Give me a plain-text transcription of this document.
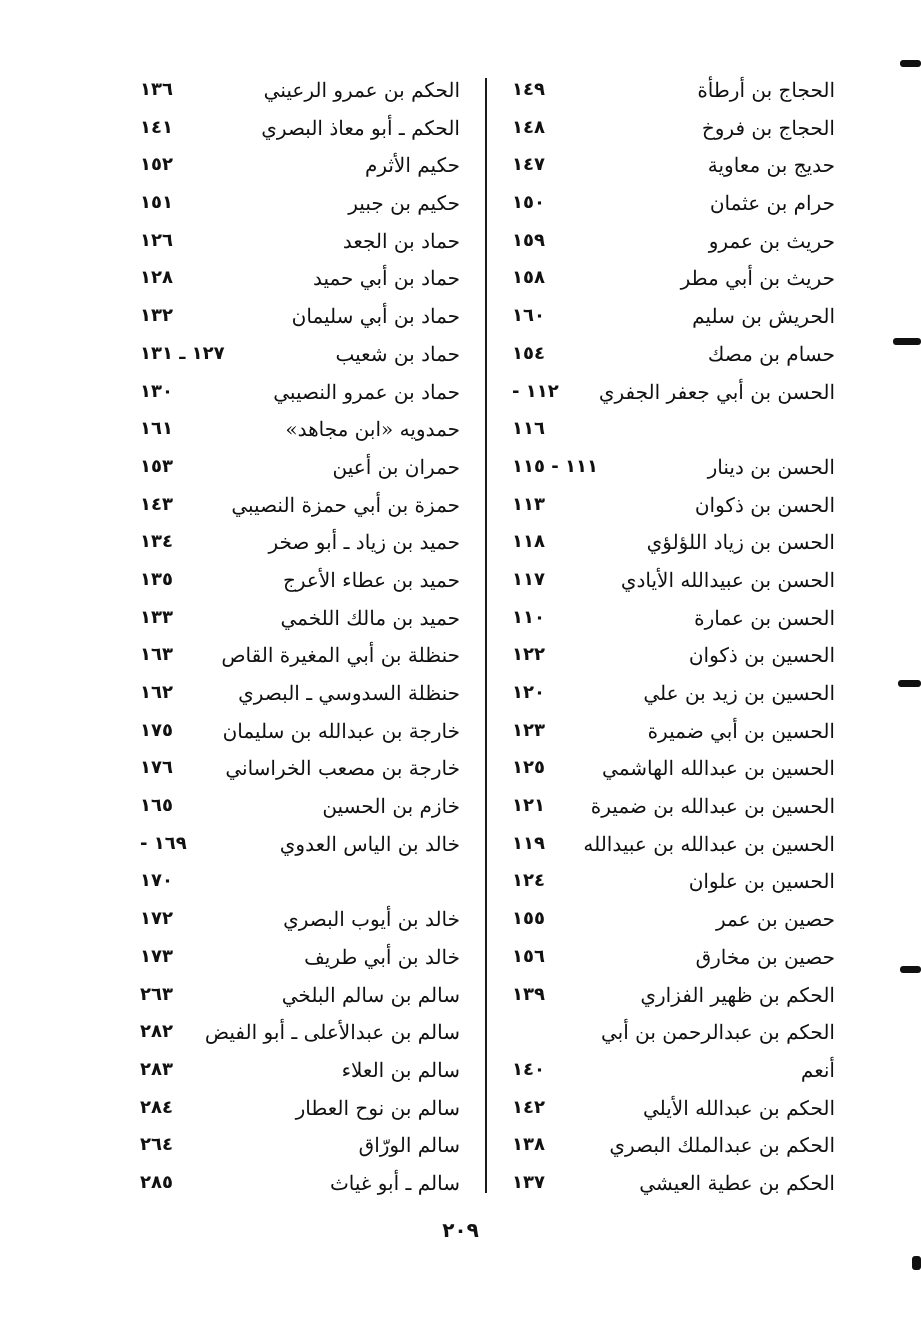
الحجاج بن أرطأة
١٤٩
الحجاج بن فروخ
١٤٨
حديج بن معاوية
١٤٧
حرام بن عثمان
١٥٠
حريث بن عمرو
١٥٩
حريث بن أبي مطر
١٥٨
الحريش بن سليم
١٦٠
حسام بن مصك
١٥٤
الحسن بن أبي جعفر الجفري
١١٢ -
١١٦
الحسن بن دينار
١١١ - ١١٥
الحسن بن ذكوان
١١٣
الحسن بن زياد اللؤلؤي
١١٨
الحسن بن عبيدالله الأيادي
١١٧
الحسن بن عمارة
١١٠
الحسين بن ذكوان
١٢٢
الحسين بن زيد بن علي
١٢٠
الحسين بن أبي ضميرة
١٢٣
الحسين بن عبدالله الهاشمي
١٢٥
الحسين بن عبدالله بن ضميرة
١٢١
الحسين بن عبدالله بن عبيدالله
١١٩
الحسين بن علوان
١٢٤
حصين بن عمر
١٥٥
حصين بن مخارق
١٥٦
الحكم بن ظهير الفزاري
١٣٩
الحكم بن عبدالرحمن بن أبي
أنعم
١٤٠
الحكم بن عبدالله الأيلي
١٤٢
الحكم بن عبدالملك البصري
١٣٨
الحكم بن عطية العيشي
١٣٧
الحكم بن عمرو الرعيني
١٣٦
الحكم ـ أبو معاذ البصري
١٤١
حكيم الأثرم
١٥٢
حكيم بن جبير
١٥١
حماد بن الجعد
١٢٦
حماد بن أبي حميد
١٢٨
حماد بن أبي سليمان
١٣٢
حماد بن شعيب
١٢٧ ـ ١٣١
حماد بن عمرو النصيبي
١٣٠
حمدويه «ابن مجاهد»
١٦١
حمران بن أعين
١٥٣
حمزة بن أبي حمزة النصيبي
١٤٣
حميد بن زياد ـ أبو صخر
١٣٤
حميد بن عطاء الأعرج
١٣٥
حميد بن مالك اللخمي
١٣٣
حنظلة بن أبي المغيرة القاص
١٦٣
حنظلة السدوسي ـ البصري
١٦٢
خارجة بن عبدالله بن سليمان
١٧٥
خارجة بن مصعب الخراساني
١٧٦
خازم بن الحسين
١٦٥
خالد بن الياس العدوي
١٦٩ -
١٧٠
خالد بن أيوب البصري
١٧٢
خالد بن أبي طريف
١٧٣
سالم بن سالم البلخي
٢٦٣
سالم بن عبدالأعلى ـ أبو الفيض
٢٨٢
سالم بن العلاء
٢٨٣
سالم بن نوح العطار
٢٨٤
سالم الورّاق
٢٦٤
سالم ـ أبو غياث
٢٨٥
٢٠٩
